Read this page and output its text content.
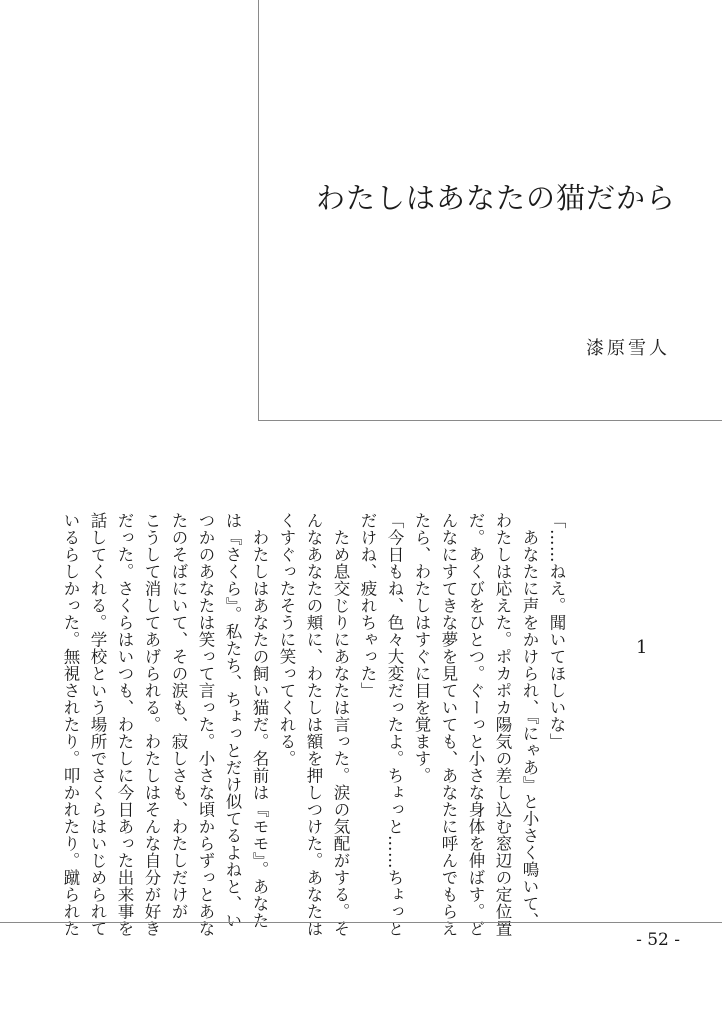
わたしはあなたの猫だから
漆原雪人
1

「……ねえ。聞いてほしいな」

　あなたに声をかけられ、『にゃあ』と小さく鳴いて、

わたしは応えた。ポカポカ陽気の差し込む窓辺の定位置

だ。あくびをひとつ。ぐーっと小さな身体を伸ばす。ど

んなにすてきな夢を見ていても、あなたに呼んでもらえ

たら、わたしはすぐに目を覚ます。

「今日もね、色々大変だったよ。ちょっと……ちょっと

だけね、疲れちゃった」

　ため息交じりにあなたは言った。涙の気配がする。そ

んなあなたの頬に、わたしは額を押しつけた。あなたは

くすぐったそうに笑ってくれる。

　わたしはあなたの飼い猫だ。名前は『モモ』。あなた

は『さくら』。私たち、ちょっとだけ似てるよねと、い

つかのあなたは笑って言った。小さな頃からずっとあな

たのそばにいて、その涙も、寂しさも、わたしだけが

こうして消してあげられる。わたしはそんな自分が好き

だった。さくらはいつも、わたしに今日あった出来事を

話してくれる。学校という場所でさくらはいじめられて

いるらしかった。無視されたり。叩かれたり。蹴られた

- 52 -
